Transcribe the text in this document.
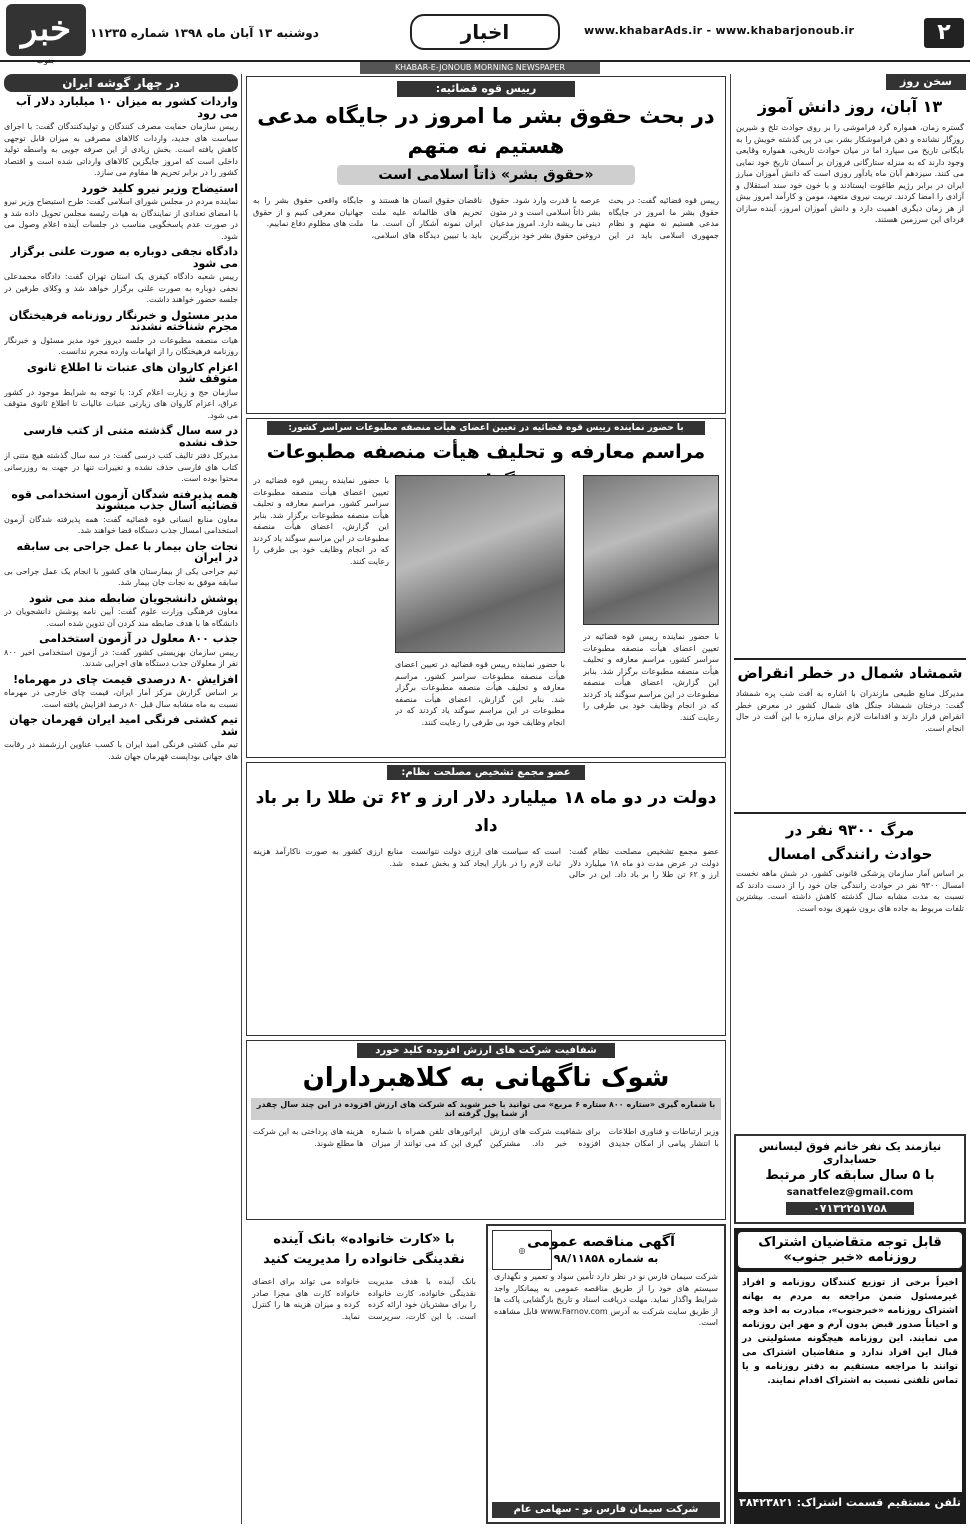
۲
www.khabarAds.ir - www.khabarjonoub.ir
اخبار
دوشنبه ۱۳ آبان ماه ۱۳۹۸ شماره ۱۱۲۳۵
خبر
جنوب
KHABAR-E-JONOUB MORNING NEWSPAPER
در چهار گوشه ایران
واردات کشور به میزان ۱۰ میلیارد دلار آب می رود
رییس سازمان حمایت مصرف کنندگان و تولیدکنندگان گفت: با اجرای سیاست های جدید، واردات کالاهای مصرفی به میزان قابل توجهی کاهش یافته است. بخش زیادی از این صرفه جویی به واسطه تولید داخلی است که امروز جایگزین کالاهای وارداتی شده است و اقتصاد کشور را در برابر تحریم ها مقاوم می سازد.
استیضاح وزیر نیرو کلید خورد
نماینده مردم در مجلس شورای اسلامی گفت: طرح استیضاح وزیر نیرو با امضای تعدادی از نمایندگان به هیات رئیسه مجلس تحویل داده شد و در صورت عدم پاسخگویی مناسب در جلسات آینده اعلام وصول می شود.
دادگاه نجفی دوباره به صورت علنی برگزار می شود
رییس شعبه دادگاه کیفری یک استان تهران گفت: دادگاه محمدعلی نجفی دوباره به صورت علنی برگزار خواهد شد و وکلای طرفین در جلسه حضور خواهند داشت.
مدیر مسئول و خبرنگار روزنامه فرهیختگان مجرم شناخته نشدند
هیات منصفه مطبوعات در جلسه دیروز خود مدیر مسئول و خبرنگار روزنامه فرهیختگان را از اتهامات وارده مجرم ندانست.
اعزام کاروان های عتبات تا اطلاع ثانوی متوقف شد
سازمان حج و زیارت اعلام کرد: با توجه به شرایط موجود در کشور عراق، اعزام کاروان های زیارتی عتبات عالیات تا اطلاع ثانوی متوقف می شود.
در سه سال گذشته متنی از کتب فارسی حذف نشده
مدیرکل دفتر تالیف کتب درسی گفت: در سه سال گذشته هیچ متنی از کتاب های فارسی حذف نشده و تغییرات تنها در جهت به روزرسانی محتوا بوده است.
همه پذیرفته شدگان آزمون استخدامی قوه قضائیه اسال جذب میشوند
معاون منابع انسانی قوه قضائیه گفت: همه پذیرفته شدگان آزمون استخدامی امسال جذب دستگاه قضا خواهند شد.
نجات جان بیمار با عمل جراحی بی سابقه در ایران
تیم جراحی یکی از بیمارستان های کشور با انجام یک عمل جراحی بی سابقه موفق به نجات جان بیمار شد.
پوشش دانشجویان ضابطه مند می شود
معاون فرهنگی وزارت علوم گفت: آیین نامه پوشش دانشجویان در دانشگاه ها با هدف ضابطه مند کردن آن تدوین شده است.
جذب ۸۰۰ معلول در آزمون استخدامی
رییس سازمان بهزیستی کشور گفت: در آزمون استخدامی اخیر ۸۰۰ نفر از معلولان جذب دستگاه های اجرایی شدند.
افزایش ۸۰ درصدی قیمت چای در مهرماه!
بر اساس گزارش مرکز آمار ایران، قیمت چای خارجی در مهرماه نسبت به ماه مشابه سال قبل ۸۰ درصد افزایش یافته است.
تیم کشتی فرنگی امید ایران قهرمان جهان شد
تیم ملی کشتی فرنگی امید ایران با کسب عناوین ارزشمند در رقابت های جهانی بوداپست قهرمان جهان شد.
رییس قوه قضائیه:
در بحث حقوق بشر ما امروز در جایگاه مدعی هستیم نه متهم
«حقوق بشر» ذاتاً اسلامی است
رییس قوه قضائیه گفت: در بحث حقوق بشر ما امروز در جایگاه مدعی هستیم نه متهم و نظام جمهوری اسلامی باید در این عرصه با قدرت وارد شود. حقوق بشر ذاتاً اسلامی است و در متون دینی ما ریشه دارد. امروز مدعیان دروغین حقوق بشر خود بزرگترین ناقضان حقوق انسان ها هستند و تحریم های ظالمانه علیه ملت ایران نمونه آشکار آن است. ما باید با تبیین دیدگاه های اسلامی، جایگاه واقعی حقوق بشر را به جهانیان معرفی کنیم و از حقوق ملت های مظلوم دفاع نماییم.
با حضور نماینده رییس قوه قضائیه در تعیین اعضای هیأت منصفه مطبوعات سراسر کشور:
مراسم معارفه و تحلیف هیأت منصفه مطبوعات
با حضور نماینده رییس قوه قضائیه در تعیین اعضای هیأت منصفه مطبوعات سراسر کشور، مراسم معارفه و تحلیف هیأت منصفه مطبوعات برگزار شد. بنابر این گزارش، اعضای هیأت منصفه مطبوعات در این مراسم سوگند یاد کردند که در انجام وظایف خود بی طرفی را رعایت کنند.
با حضور نماینده رییس قوه قضائیه در تعیین اعضای هیأت منصفه مطبوعات سراسر کشور، مراسم معارفه و تحلیف هیأت منصفه مطبوعات برگزار شد. بنابر این گزارش، اعضای هیأت منصفه مطبوعات در این مراسم سوگند یاد کردند که در انجام وظایف خود بی طرفی را رعایت کنند.
با حضور نماینده رییس قوه قضائیه در تعیین اعضای هیأت منصفه مطبوعات سراسر کشور، مراسم معارفه و تحلیف هیأت منصفه مطبوعات برگزار شد. بنابر این گزارش، اعضای هیأت منصفه مطبوعات در این مراسم سوگند یاد کردند که در انجام وظایف خود بی طرفی را رعایت کنند.
عضو مجمع تشخیص مصلحت نظام:
دولت در دو ماه ۱۸ میلیارد دلار ارز و ۶۲ تن طلا را بر باد داد
عضو مجمع تشخیص مصلحت نظام گفت: دولت در عرض مدت دو ماه ۱۸ میلیارد دلار ارز و ۶۲ تن طلا را بر باد داد. این در حالی است که سیاست های ارزی دولت نتوانست ثبات لازم را در بازار ایجاد کند و بخش عمده منابع ارزی کشور به صورت ناکارآمد هزینه شد.
شفافیت شرکت های ارزش افزوده کلید خورد
شوک ناگهانی به کلاهبرداران
با شماره گیری «ستاره ۸۰۰ ستاره ۶ مربع» می توانید با خبر شوید که شرکت های ارزش افزوده در این چند سال چقدر از شما پول گرفته اند
وزیر ارتباطات و فناوری اطلاعات با انتشار پیامی از امکان جدیدی برای شفافیت شرکت های ارزش افزوده خبر داد. مشترکین اپراتورهای تلفن همراه با شماره گیری این کد می توانند از میزان هزینه های پرداختی به این شرکت ها مطلع شوند.
◎
آگهی مناقصه عمومی
به شماره ۹۸/۱۱۸۵۸
شرکت سیمان فارس نو در نظر دارد تأمین سواد و تعمیر و نگهداری سیستم های خود را از طریق مناقصه عمومی به پیمانکار واجد شرایط واگذار نماید. مهلت دریافت اسناد و تاریخ بازگشایی پاکت ها از طریق سایت شرکت به آدرس www.Farnov.com قابل مشاهده است.
شرکت سیمان فارس نو - سهامی عام
با «کارت خانواده» بانک آینده
نقدینگی خانواده را مدیریت کنید
بانک آینده با هدف مدیریت نقدینگی خانواده، کارت خانواده را برای مشتریان خود ارائه کرده است. با این کارت، سرپرست خانواده می تواند برای اعضای خانواده کارت های مجزا صادر کرده و میزان هزینه ها را کنترل نماید.
سخن روز
۱۳ آبان، روز دانش آموز
گستره زمان، همواره گرد فراموشی را بر روی حوادث تلخ و شیرین روزگار نشانده و ذهن فراموشکار بشر، بی در پی گذشته خویش را به بایگانی تاریخ می سپارد اما در میان حوادث تاریخی، همواره وقایعی وجود دارند که به منزله ستارگانی فروزان بر آسمان تاریخ خود نمایی می کنند. سیزدهم آبان ماه یادآور روزی است که دانش آموزان مبارز ایران در برابر رژیم طاغوت ایستادند و با خون خود سند استقلال و آزادی را امضا کردند. تربیت نیروی متعهد، مومن و کارآمد امروز بیش از هر زمان دیگری اهمیت دارد و دانش آموزان امروز، آینده سازان فردای این سرزمین هستند.
شمشاد شمال در خطر انقراض
مدیرکل منابع طبیعی مازندران با اشاره به آفت شب پره شمشاد گفت: درختان شمشاد جنگل های شمال کشور در معرض خطر انقراض قرار دارند و اقدامات لازم برای مبارزه با این آفت در حال انجام است.
مرگ ۹۳۰۰ نفر در
حوادث رانندگی امسال
بر اساس آمار سازمان پزشکی قانونی کشور، در شش ماهه نخست امسال ۹۳۰۰ نفر در حوادث رانندگی جان خود را از دست دادند که نسبت به مدت مشابه سال گذشته کاهش داشته است. بیشترین تلفات مربوط به جاده های برون شهری بوده است.
نیازمند یک نفر خانم فوق لیسانس حسابداری
با ۵ سال سابقه کار مرتبط
sanatfelez@gmail.com
۰۷۱۳۲۲۵۱۷۵۸
قابل توجه متقاضیان اشتراک روزنامه «خبر جنوب»
اخیراً برخی از توزیع کنندگان روزنامه و افراد غیرمسئول ضمن مراجعه به مردم به بهانه اشتراک روزنامه «خبرجنوب»، مبادرت به اخذ وجه و احیاناً صدور قبض بدون آرم و مهر این روزنامه می نمایند. این روزنامه هیچگونه مسئولیتی در قبال این افراد ندارد و متقاضیان اشتراک می توانند با مراجعه مستقیم به دفتر روزنامه و یا تماس تلفنی نسبت به اشتراک اقدام نمایند.
تلفن مستقیم قسمت اشتراک: ۳۸۴۲۳۸۲۱
